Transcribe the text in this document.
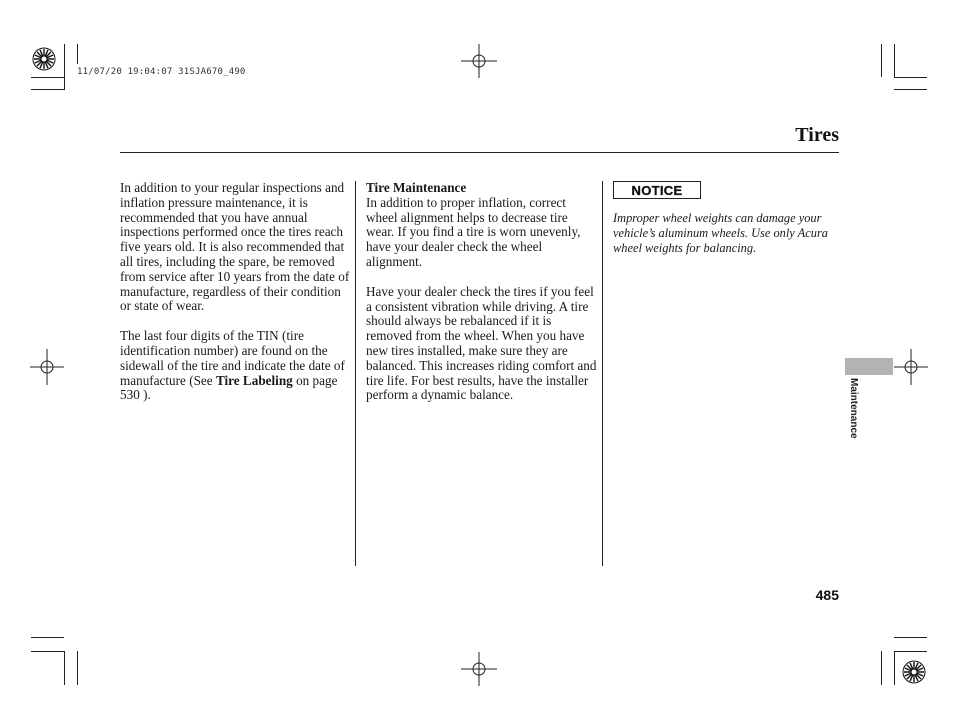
11/07/20 19:04:07 31SJA670_490
Tires

In addition to your regular inspections and inflation pressure maintenance, it is recommended that you have annual inspections performed once the tires reach five years old. It is also recommended that all tires, including the spare, be removed from service after 10 years from the date of manufacture, regardless of their condition or state of wear.

The last four digits of the TIN (tire identification number) are found on the sidewall of the tire and indicate the date of manufacture (See Tire Labeling on page 530 ).

Tire Maintenance

In addition to proper inflation, correct wheel alignment helps to decrease tire wear. If you find a tire is worn unevenly, have your dealer check the wheel alignment.

Have your dealer check the tires if you feel a consistent vibration while driving. A tire should always be rebalanced if it is removed from the wheel. When you have new tires installed, make sure they are balanced. This increases riding comfort and tire life. For best results, have the installer perform a dynamic balance.

NOTICE
Improper wheel weights can damage your vehicle’s aluminum wheels. Use only Acura wheel weights for balancing.
Maintenance
485
